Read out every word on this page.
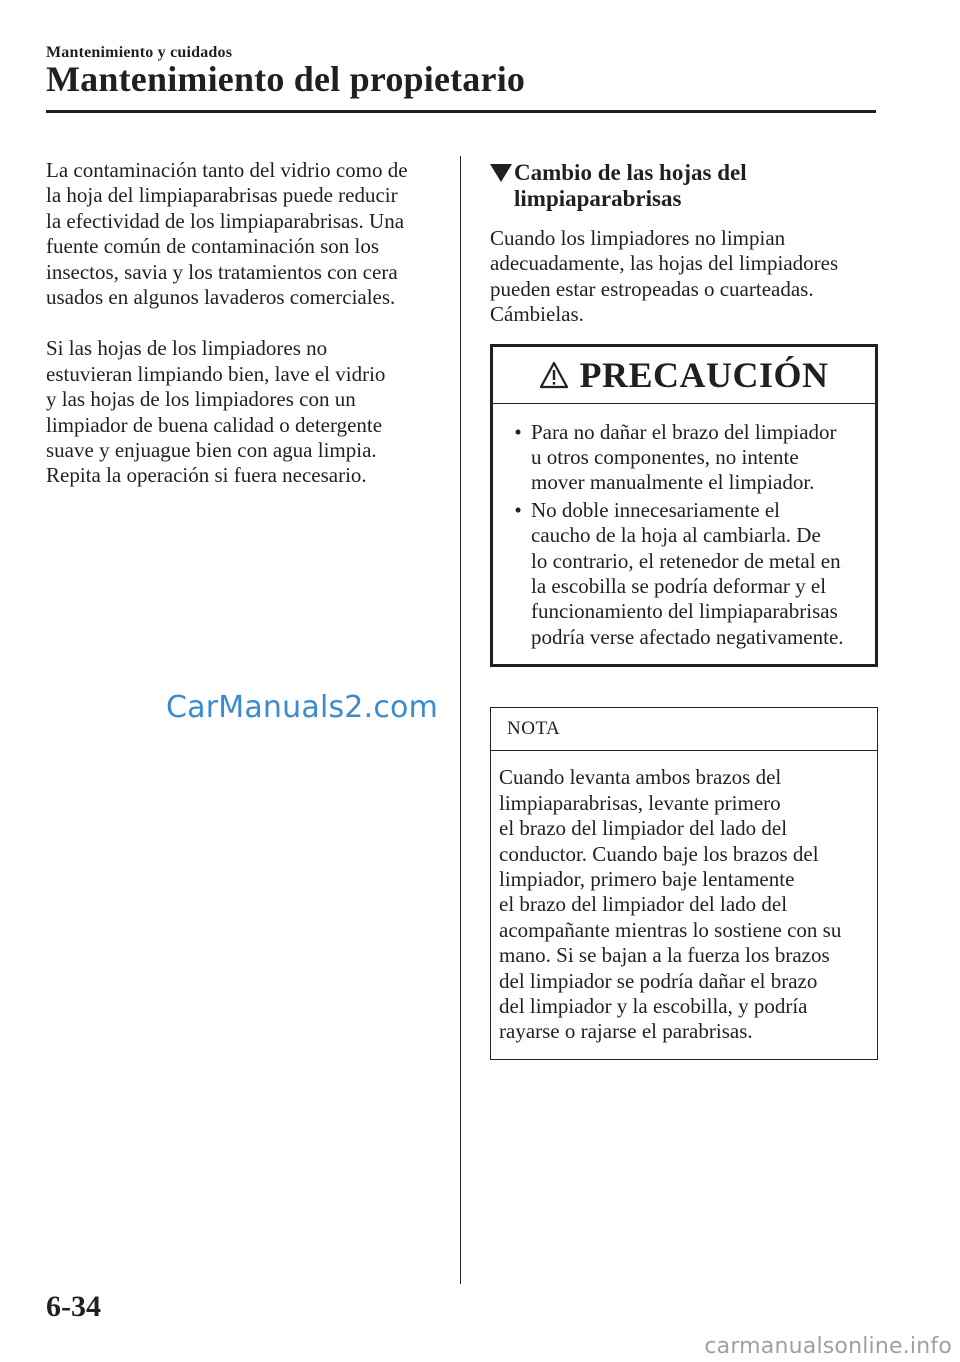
Mantenimiento y cuidados
Mantenimiento del propietario

La contaminación tanto del vidrio como de
la hoja del limpiaparabrisas puede reducir
la efectividad de los limpiaparabrisas. Una
fuente común de contaminación son los
insectos, savia y los tratamientos con cera
usados en algunos lavaderos comerciales.

Si las hojas de los limpiadores no
estuvieran limpiando bien, lave el vidrio
y las hojas de los limpiadores con un
limpiador de buena calidad o detergente
suave y enjuague bien con agua limpia.
Repita la operación si fuera necesario.

Cambio de las hojas del
limpiaparabrisas

Cuando los limpiadores no limpian
adecuadamente, las hojas del limpiadores
pueden estar estropeadas o cuarteadas.
Cámbielas.

PRECAUCIÓN
• Para no dañar el brazo del limpiador
u otros componentes, no intente
mover manualmente el limpiador.
• No doble innecesariamente el
caucho de la hoja al cambiarla. De
lo contrario, el retenedor de metal en
la escobilla se podría deformar y el
funcionamiento del limpiaparabrisas
podría verse afectado negativamente.
NOTA
Cuando levanta ambos brazos del
limpiaparabrisas, levante primero
el brazo del limpiador del lado del
conductor. Cuando baje los brazos del
limpiador, primero baje lentamente
el brazo del limpiador del lado del
acompañante mientras lo sostiene con su
mano. Si se bajan a la fuerza los brazos
del limpiador se podría dañar el brazo
del limpiador y la escobilla, y podría
rayarse o rajarse el parabrisas.
CarManuals2.com
6-34
carmanualsonline.info
